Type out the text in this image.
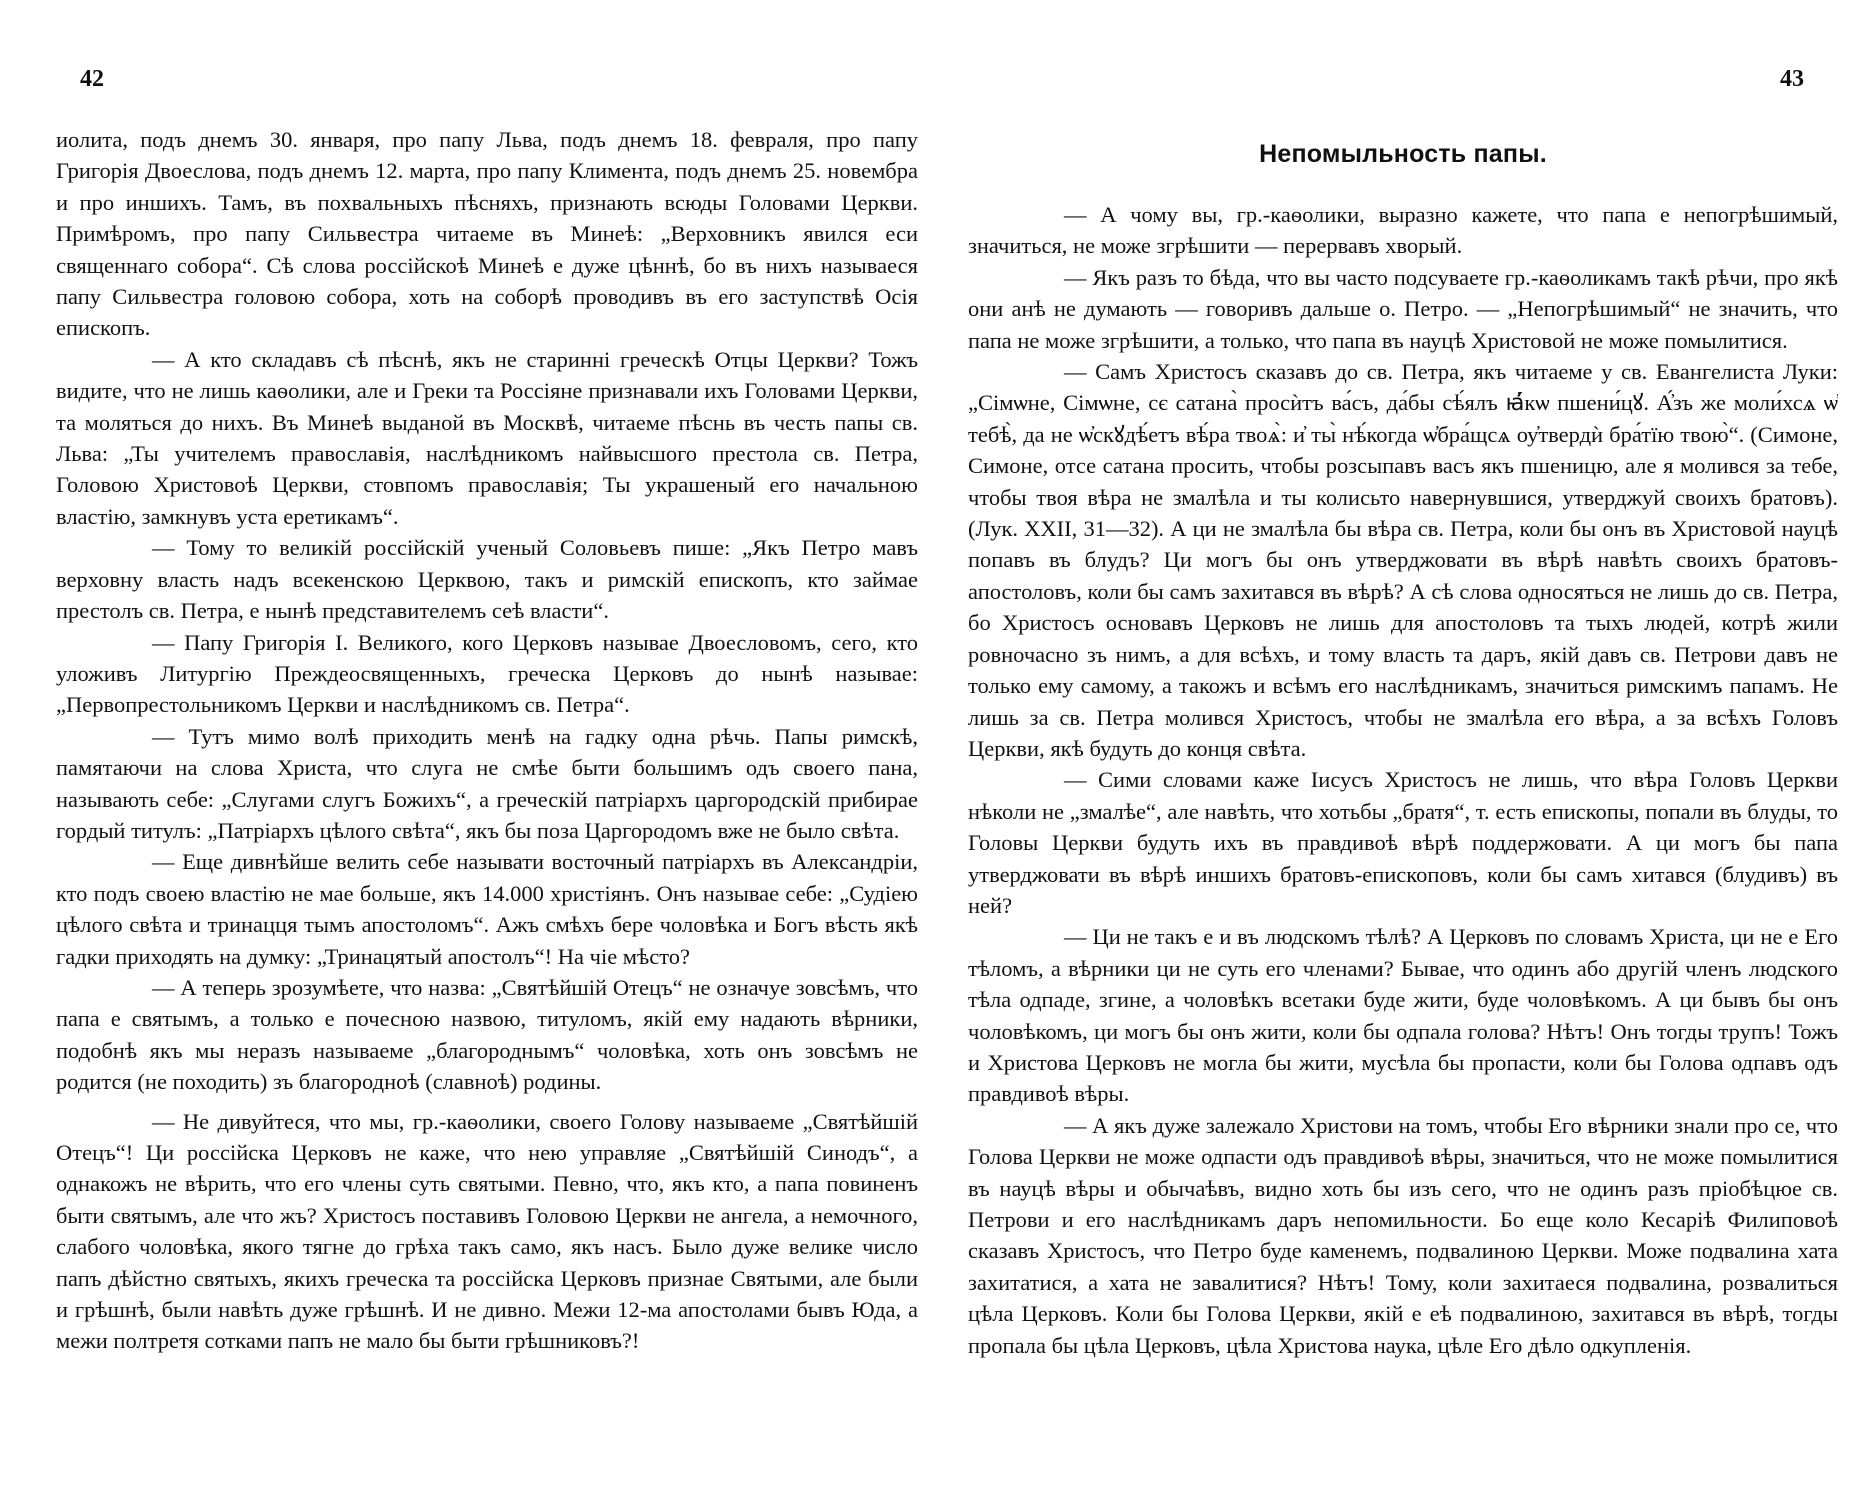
42	43

иолита, подъ днемъ 30. января, про папу Льва, подъ днемъ 18. февраля, про папу Григорія Двоеслова, подъ днемъ 12. марта, про папу Климента, подъ днемъ 25. новембра и про иншихъ. Тамъ, въ похвальныхъ пѣсняхъ, признають всюды Головами Церкви. Примѣромъ, про папу Сильвестра читаеме въ Минеѣ: „Верховникъ явился еси священнаго собора“. Сѣ слова россійскоѣ Минеѣ е дуже цѣннѣ, бо въ нихъ называеся папу Сильвестра головою собора, хоть на соборѣ проводивъ въ его заступствѣ Осія епископъ.

— А кто складавъ сѣ пѣснѣ, якъ не старинні греческѣ Отцы Церкви? Тожъ видите, что не лишь каѳолики, але и Греки та Россіяне признавали ихъ Головами Церкви, та моляться до нихъ. Въ Минеѣ выданой въ Москвѣ, читаеме пѣснь въ честь папы св. Льва: „Ты учителемъ православія, наслѣдникомъ найвысшого престола св. Петра, Головою Христовоѣ Церкви, стовпомъ православія; Ты украшеный его начальною властію, замкнувъ уста еретикамъ“.

— Тому то великій россійскій ученый Соловьевъ пише: „Якъ Петро мавъ верховну власть надъ всекенскою Церквою, такъ и римскій епископъ, кто займае престолъ св. Петра, е нынѣ представителемъ сеѣ власти“.

— Папу Григорія I. Великого, кого Церковъ называе Двоесловомъ, сего, кто уложивъ Литургію Преждеосвященныхъ, греческа Церковъ до нынѣ называе: „Первопрестольникомъ Церкви и наслѣдникомъ св. Петра“.

— Тутъ мимо волѣ приходить менѣ на гадку одна рѣчь. Папы римскѣ, памятаючи на слова Христа, что слуга не смѣе быти большимъ одъ своего пана, называють себе: „Слугами слугъ Божихъ“, а греческій патріархъ царгородскій прибирае гордый титулъ: „Патріархъ цѣлого свѣта“, якъ бы поза Царгородомъ вже не было свѣта.

— Еще дивнѣйше велить себе называти восточный патріархъ въ Александріи, кто подъ своею властію не мае больше, якъ 14.000 христіянъ. Онъ называе себе: „Судіею цѣлого свѣта и тринацця тымъ апостоломъ“. Ажъ смѣхъ бере чоловѣка и Богъ вѣсть якѣ гадки приходять на думку: „Тринацятый апостолъ“! На чіе мѣсто?

— А теперь зрозумѣете, что назва: „Святѣйшій Отецъ“ не означуе зовсѣмъ, что папа е святымъ, а только е почесною назвою, титуломъ, якій ему надають вѣрники, подобнѣ якъ мы неразъ называеме „благороднымъ“ чоловѣка, хоть онъ зовсѣмъ не родится (не походить) зъ благородноѣ (славноѣ) родины.

— Не дивуйтеся, что мы, гр.-каѳолики, своего Голову называеме „Святѣйшій Отецъ“! Ци россійска Церковъ не каже, что нею управляе „Святѣйшій Синодъ“, а однакожъ не вѣрить, что его члены суть святыми. Певно, что, якъ кто, а папа повиненъ быти святымъ, але что жъ? Христосъ поставивъ Головою Церкви не ангела, а немочного, слабого чоловѣка, якого тягне до грѣха такъ само, якъ насъ. Было дуже велике число папъ дѣйстно святыхъ, якихъ греческа та россійска Церковъ признае Святыми, але были и грѣшнѣ, были навѣть дуже грѣшнѣ. И не дивно. Межи 12-ма апостолами бывъ Юда, а межи полтретя сотками папъ не мало бы быти грѣшниковъ?!

Непомыльность папы.

— А чому вы, гр.-каѳолики, выразно кажете, что папа е непогрѣшимый, значиться, не може згрѣшити — перервавъ хворый.

— Якъ разъ то бѣда, что вы часто подсуваете гр.-каѳоликамъ такѣ рѣчи, про якѣ они анѣ не думають — говоривъ дальше о. Петро. — „Непогрѣшимый“ не значить, что папа не може згрѣшити, а только, что папа въ науцѣ Христовой не може помылитися.

— Самъ Христосъ сказавъ до св. Петра, якъ читаеме у св. Евангелиста Луки: „Сімѡне, Сімѡне, сє сатана̀ просѝтъ ва́съ, да́бы сѣ́ялъ ꙗ҆́кѡ пшени́цꙋ. А҆́зъ же моли́хсѧ ѡ҆ тебѣ̀, да не ѡ҆скꙋдѣ́етъ вѣ́ра твоѧ̀: и҆ ты̀ нѣ́когда ѡ҆бра́щсѧ оу҆твердѝ бра́тїю твою̀“. (Симоне, Симоне, отсе сатана просить, чтобы розсыпавъ васъ якъ пшеницю, але я молився за тебе, чтобы твоя вѣра не змалѣла и ты колисьто навернувшися, утверджуй своихъ братовъ). (Лук. XXII, 31—32). А ци не змалѣла бы вѣра св. Петра, коли бы онъ въ Христовой науцѣ попавъ въ блудъ? Ци могъ бы онъ утверджовати въ вѣрѣ навѣть своихъ братовъ-апостоловъ, коли бы самъ захитався въ вѣрѣ? А сѣ слова односяться не лишь до св. Петра, бо Христосъ основавъ Церковъ не лишь для апостоловъ та тыхъ людей, котрѣ жили ровночасно зъ нимъ, а для всѣхъ, и тому власть та даръ, якій давъ св. Петрови давъ не только ему самому, а такожъ и всѣмъ его наслѣдникамъ, значиться римскимъ папамъ. Не лишь за св. Петра молився Христосъ, чтобы не змалѣла его вѣра, а за всѣхъ Головъ Церкви, якѣ будуть до конця свѣта.

— Сими словами каже Іисусъ Христосъ не лишь, что вѣра Головъ Церкви нѣколи не „змалѣе“, але навѣть, что хотьбы „братя“, т. есть епископы, попали въ блуды, то Головы Церкви будуть ихъ въ правдивоѣ вѣрѣ поддержовати. А ци могъ бы папа утверджовати въ вѣрѣ иншихъ братовъ-епископовъ, коли бы самъ хитався (блудивъ) въ ней?

— Ци не такъ е и въ людскомъ тѣлѣ? А Церковъ по словамъ Христа, ци не е Его тѣломъ, а вѣрники ци не суть его членами? Бывае, что одинъ або другій членъ людского тѣла одпаде, згине, а чоловѣкъ всетаки буде жити, буде чоловѣкомъ. А ци бывъ бы онъ чоловѣкомъ, ци могъ бы онъ жити, коли бы одпала голова? Нѣтъ! Онъ тогды трупъ! Тожъ и Христова Церковъ не могла бы жити, мусѣла бы пропасти, коли бы Голова одпавъ одъ правдивоѣ вѣры.

— А якъ дуже залежало Христови на томъ, чтобы Его вѣрники знали про се, что Голова Церкви не може одпасти одъ правдивоѣ вѣры, значиться, что не може помылитися въ науцѣ вѣры и обычаѣвъ, видно хоть бы изъ сего, что не одинъ разъ пріобѣцюе св. Петрови и его наслѣдникамъ даръ непомильности. Бо еще коло Кесаріѣ Филиповоѣ сказавъ Христосъ, что Петро буде каменемъ, подвалиною Церкви. Може подвалина хата захитатися, а хата не завалитися? Нѣтъ! Тому, коли захитаеся подвалина, розвалиться цѣла Церковъ. Коли бы Голова Церкви, якій е еѣ подвалиною, захитався въ вѣрѣ, тогды пропала бы цѣла Церковъ, цѣла Христова наука, цѣле Его дѣло одкупленія.
